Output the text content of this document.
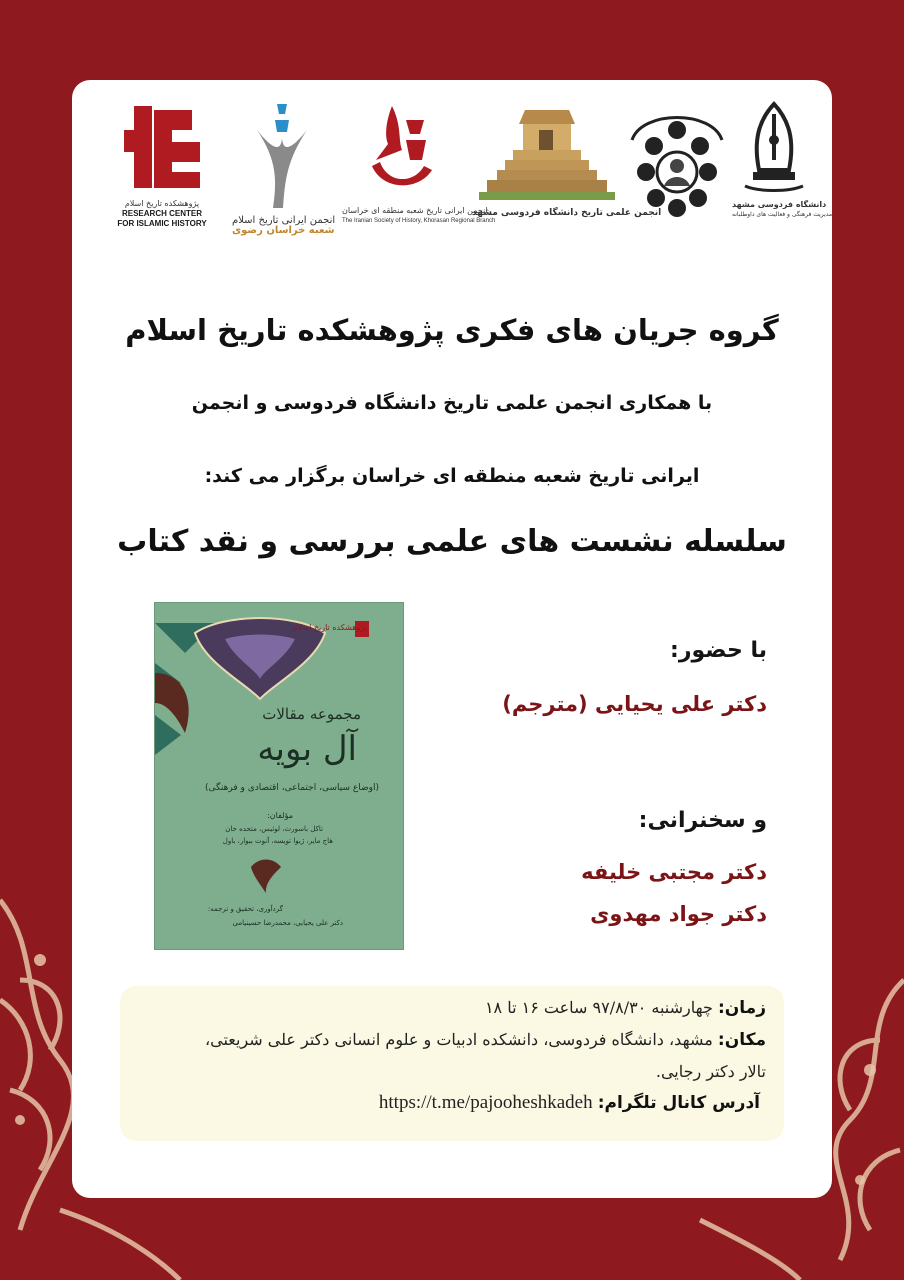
پژوهشکده تاریخ اسلام
RESEARCH CENTER
FOR ISLAMIC HISTORY	انجمن ایرانی تاریخ اسلام
شعبه خراسان رضوی
انجمن ایرانی تاریخ شعبه منطقه ای خراسان
The Iranian Society of History, Khorasan Regional Branch
انجمن علمی تاریخ دانشگاه فردوسی مشهد
دانشگاه فردوسی مشهد
مدیریت فرهنگی و فعالیت های داوطلبانه
گروه جریان های فکری پژوهشکده تاریخ اسلام
با همکاری انجمن علمی تاریخ دانشگاه فردوسی و انجمن
ایرانی تاریخ شعبه منطقه ای خراسان برگزار می کند:
سلسله نشست های علمی بررسی و نقد کتاب
پژوهشکده تاریخ اسلام
مجموعه مقالات
آل بویه
(اوضاع سیاسی، اجتماعی، اقتصادی و فرهنگی)
مؤلفان:
تاکل باسورث، لوئیس، متحده خان
هاج مایر، ژیوا تویسه، آنوت ببوار، باول
گردآوری، تحقیق و ترجمه:
دکتر علی یحیایی، محمدرضا حسینیامی
با حضور:
دکتر علی یحیایی (مترجم)
و سخنرانی:
دکتر مجتبی خلیفه
دکتر جواد مهدوی
زمان: چهارشنبه ۹۷/۸/۳۰ ساعت ۱۶ تا ۱۸
مکان: مشهد، دانشگاه فردوسی، دانشکده ادبیات و علوم انسانی دکتر علی شریعتی،
تالار دکتر رجایی.
آدرس کانال تلگرام: https://t.me/pajooheshkadeh
